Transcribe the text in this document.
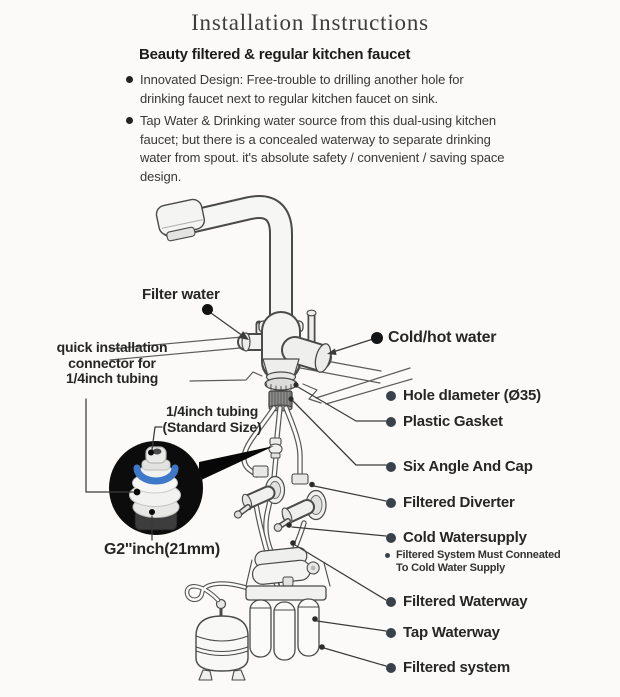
Installation Instructions
Beauty filtered & regular kitchen faucet
Innovated Design: Free-trouble to drilling another hole for drinking faucet next to regular kitchen faucet on sink.
Tap Water & Drinking water source from this dual-using kitchen faucet; but there is a concealed waterway to separate drinking water from spout. it's absolute safety / convenient / saving space design.
Filter water
Cold/hot water
quick installation
connector for
1/4inch tubing
1/4inch tubing
(Standard Size)
G2''inch(21mm)
Hole dIameter (Ø35)
Plastic Gasket
Six Angle And Cap
Filtered Diverter
Cold Watersupply
Filtered System Must Conneated
To Cold Water Supply
Filtered Waterway
Tap Waterway
Filtered system
